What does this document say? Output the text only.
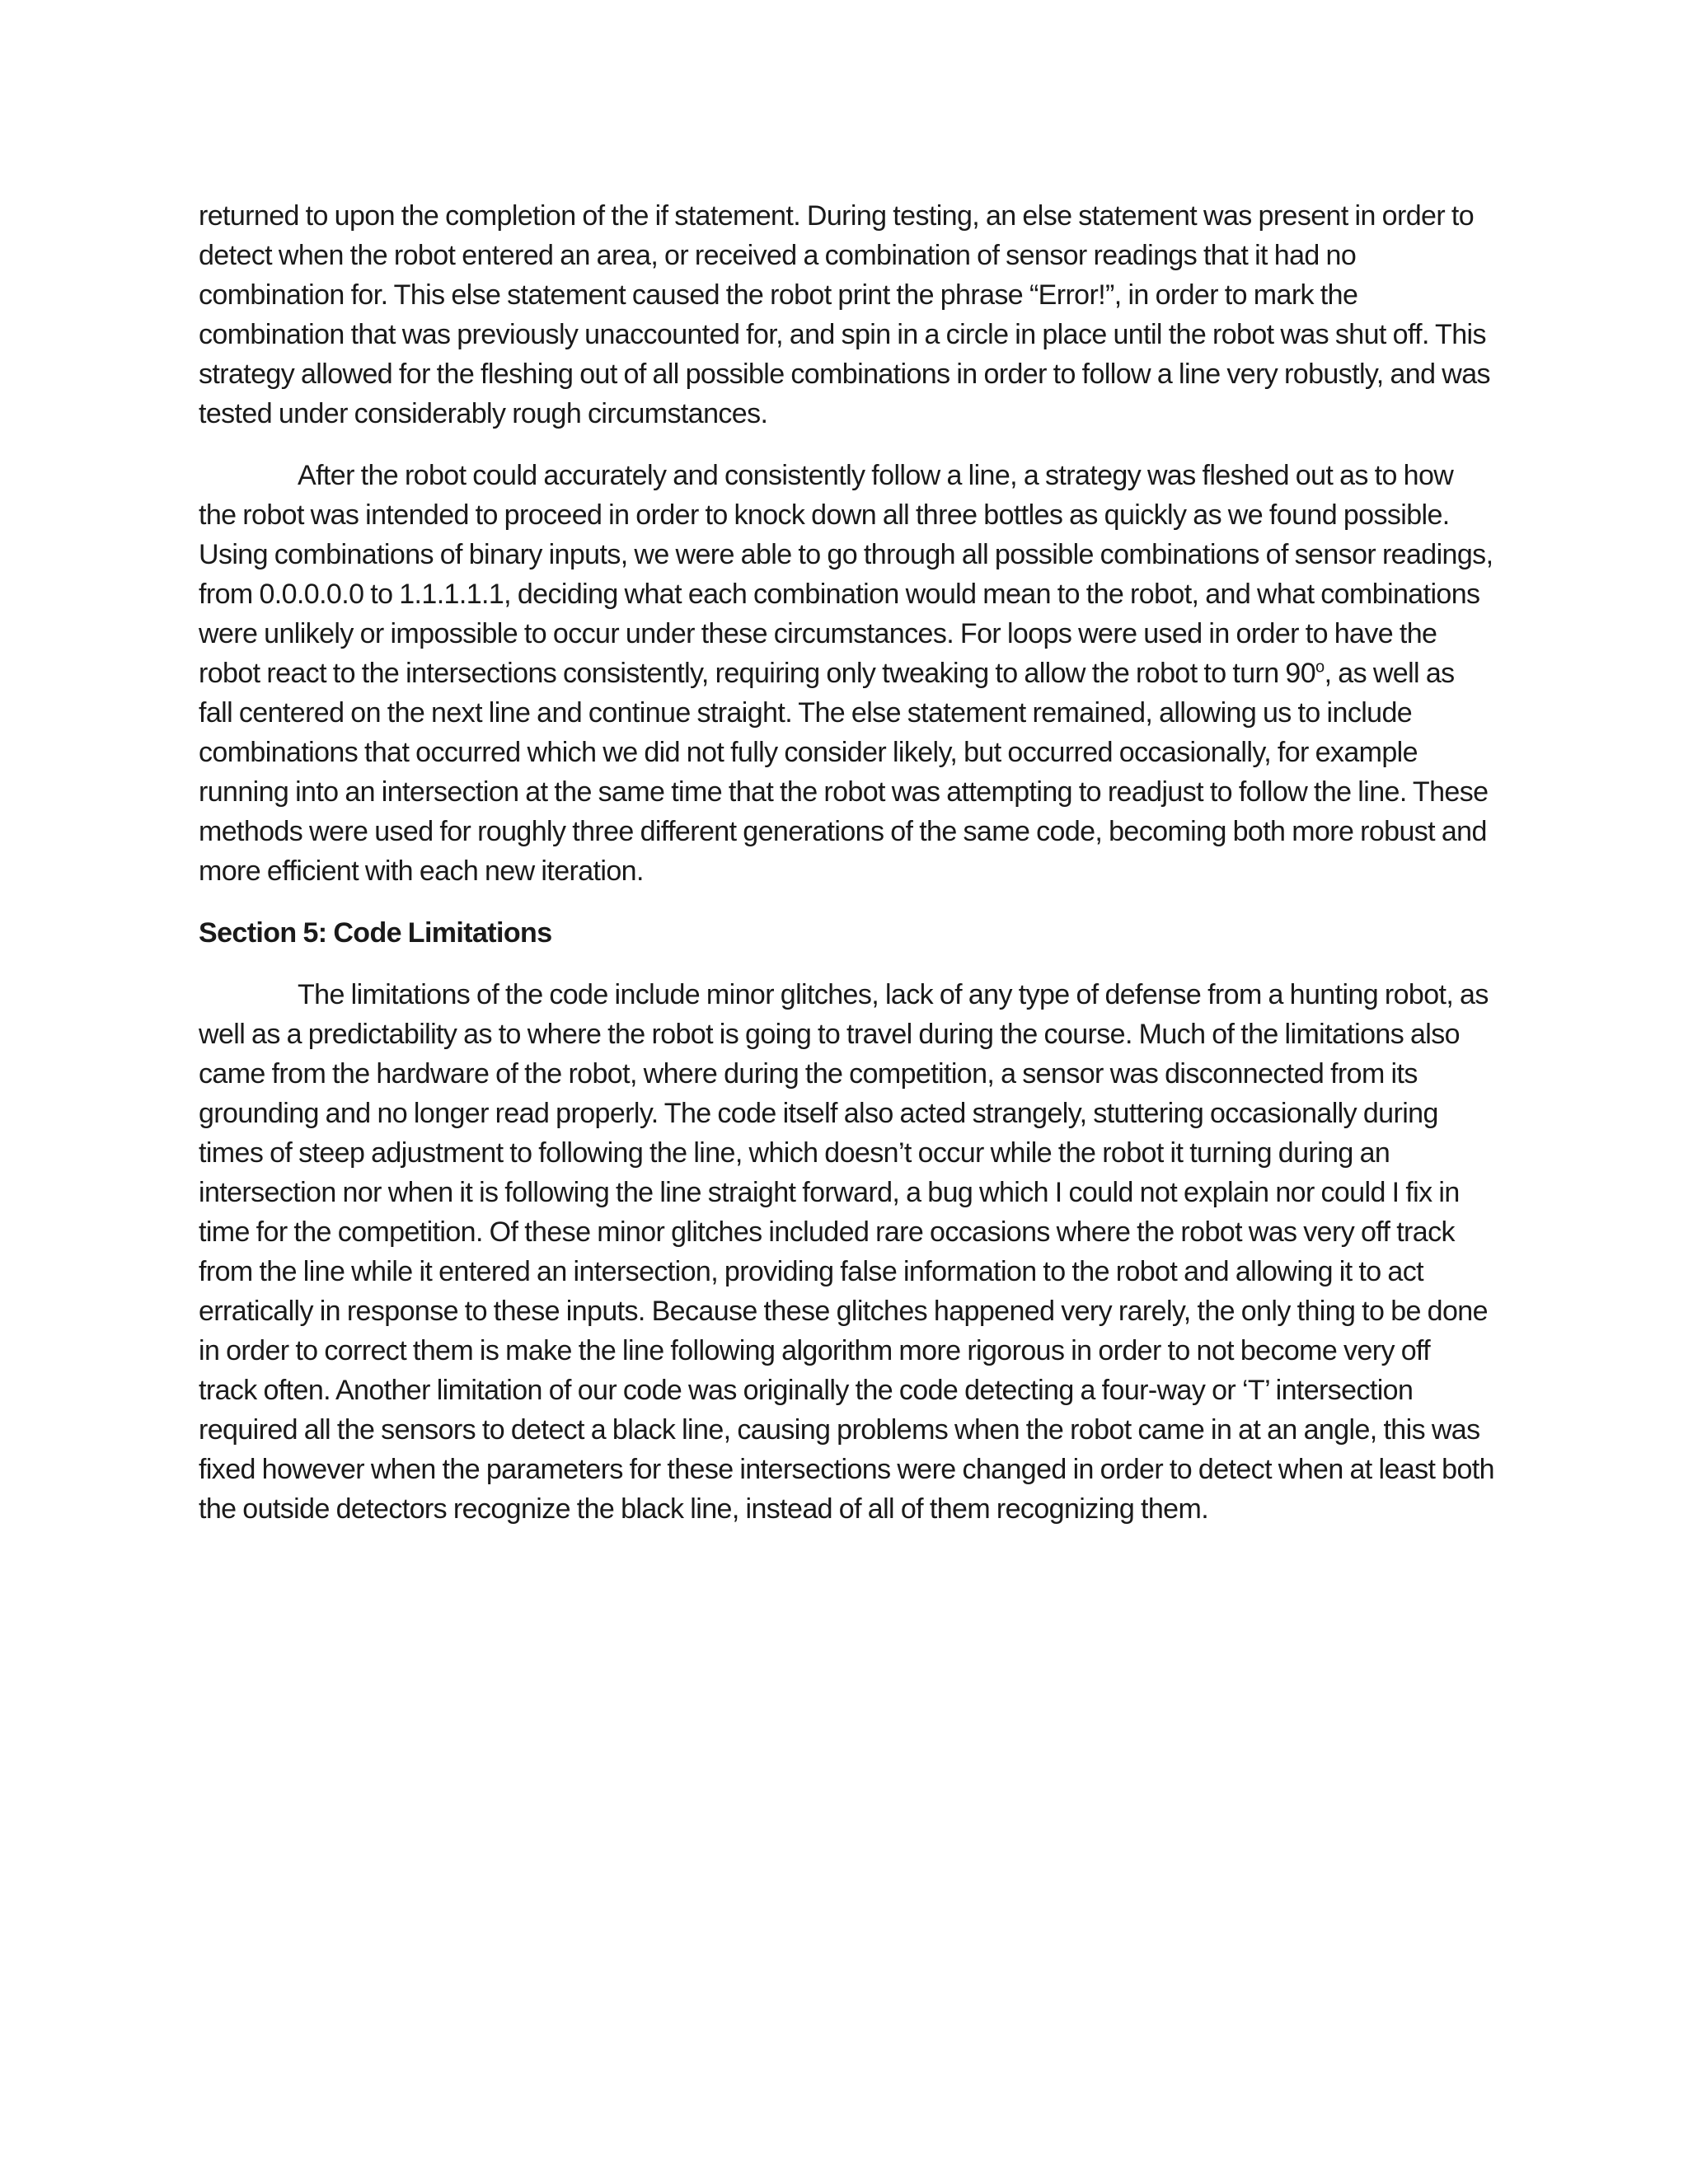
returned to upon the completion of the if statement. During testing, an else statement was present in order to detect when the robot entered an area, or received a combination of sensor readings that it had no combination for. This else statement caused the robot print the phrase “Error!”, in order to mark the combination that was previously unaccounted for, and spin in a circle in place until the robot was shut off. This strategy allowed for the fleshing out of all possible combinations in order to follow a line very robustly, and was tested under considerably rough circumstances.

After the robot could accurately and consistently follow a line, a strategy was fleshed out as to how the robot was intended to proceed in order to knock down all three bottles as quickly as we found possible. Using combinations of binary inputs, we were able to go through all possible combinations of sensor readings, from 0.0.0.0.0 to 1.1.1.1.1, deciding what each combination would mean to the robot, and what combinations were unlikely or impossible to occur under these circumstances. For loops were used in order to have the robot react to the intersections consistently, requiring only tweaking to allow the robot to turn 90$^o$, as well as fall centered on the next line and continue straight. The else statement remained, allowing us to include combinations that occurred which we did not fully consider likely, but occurred occasionally, for example running into an intersection at the same time that the robot was attempting to readjust to follow the line. These methods were used for roughly three different generations of the same code, becoming both more robust and more efficient with each new iteration.

Section 5: Code Limitations

The limitations of the code include minor glitches, lack of any type of defense from a hunting robot, as well as a predictability as to where the robot is going to travel during the course. Much of the limitations also came from the hardware of the robot, where during the competition, a sensor was disconnected from its grounding and no longer read properly. The code itself also acted strangely, stuttering occasionally during times of steep adjustment to following the line, which doesn’t occur while the robot it turning during an intersection nor when it is following the line straight forward, a bug which I could not explain nor could I fix in time for the competition. Of these minor glitches included rare occasions where the robot was very off track from the line while it entered an intersection, providing false information to the robot and allowing it to act erratically in response to these inputs. Because these glitches happened very rarely, the only thing to be done in order to correct them is make the line following algorithm more rigorous in order to not become very off track often. Another limitation of our code was originally the code detecting a four-way or ‘T’ intersection required all the sensors to detect a black line, causing problems when the robot came in at an angle, this was fixed however when the parameters for these intersections were changed in order to detect when at least both the outside detectors recognize the black line, instead of all of them recognizing them.
